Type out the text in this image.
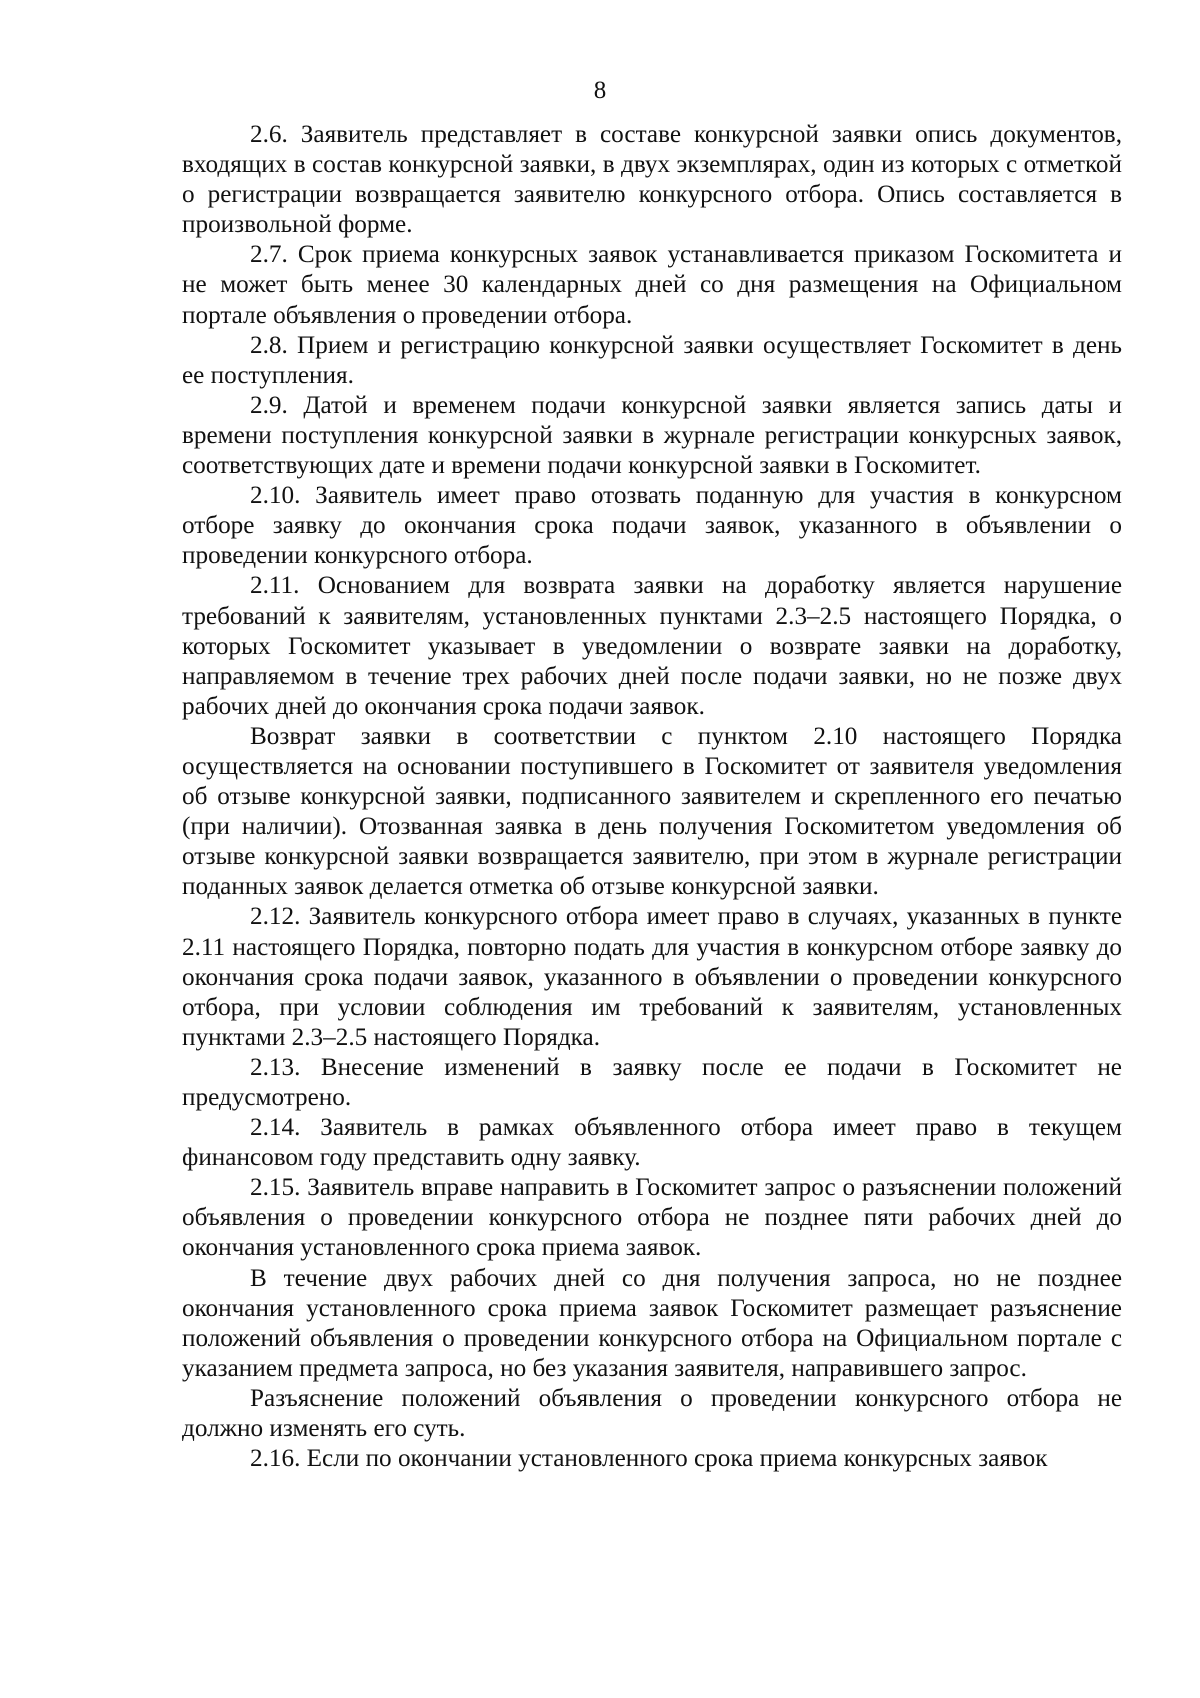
8

2.6. Заявитель представляет в составе конкурсной заявки опись документов, входящих в состав конкурсной заявки, в двух экземплярах, один из которых с отметкой о регистрации возвращается заявителю конкурсного отбора. Опись составляется в произвольной форме.

2.7. Срок приема конкурсных заявок устанавливается приказом Госкомитета и не может быть менее 30 календарных дней со дня размещения на Официальном портале объявления о проведении отбора.

2.8. Прием и регистрацию конкурсной заявки осуществляет Госкомитет в день ее поступления.

2.9. Датой и временем подачи конкурсной заявки является запись даты и времени поступления конкурсной заявки в журнале регистрации конкурсных заявок, соответствующих дате и времени подачи конкурсной заявки в Госкомитет.

2.10. Заявитель имеет право отозвать поданную для участия в конкурсном отборе заявку до окончания срока подачи заявок, указанного в объявлении о проведении конкурсного отбора.

2.11. Основанием для возврата заявки на доработку является нарушение требований к заявителям, установленных пунктами 2.3–2.5 настоящего Порядка, о которых Госкомитет указывает в уведомлении о возврате заявки на доработку, направляемом в течение трех рабочих дней после подачи заявки, но не позже двух рабочих дней до окончания срока подачи заявок.

Возврат заявки в соответствии с пунктом 2.10 настоящего Порядка осуществляется на основании поступившего в Госкомитет от заявителя уведомления об отзыве конкурсной заявки, подписанного заявителем и скрепленного его печатью (при наличии). Отозванная заявка в день получения Госкомитетом уведомления об отзыве конкурсной заявки возвращается заявителю, при этом в журнале регистрации поданных заявок делается отметка об отзыве конкурсной заявки.

2.12. Заявитель конкурсного отбора имеет право в случаях, указанных в пункте 2.11 настоящего Порядка, повторно подать для участия в конкурсном отборе заявку до окончания срока подачи заявок, указанного в объявлении о проведении конкурсного отбора, при условии соблюдения им требований к заявителям, установленных пунктами 2.3–2.5 настоящего Порядка.

2.13. Внесение изменений в заявку после ее подачи в Госкомитет не предусмотрено.

2.14. Заявитель в рамках объявленного отбора имеет право в текущем финансовом году представить одну заявку.

2.15. Заявитель вправе направить в Госкомитет запрос о разъяснении положений объявления о проведении конкурсного отбора не позднее пяти рабочих дней до окончания установленного срока приема заявок.

В течение двух рабочих дней со дня получения запроса, но не позднее окончания установленного срока приема заявок Госкомитет размещает разъяснение положений объявления о проведении конкурсного отбора на Официальном портале с указанием предмета запроса, но без указания заявителя, направившего запрос.

Разъяснение положений объявления о проведении конкурсного отбора не должно изменять его суть.

2.16. Если по окончании установленного срока приема конкурсных заявок
